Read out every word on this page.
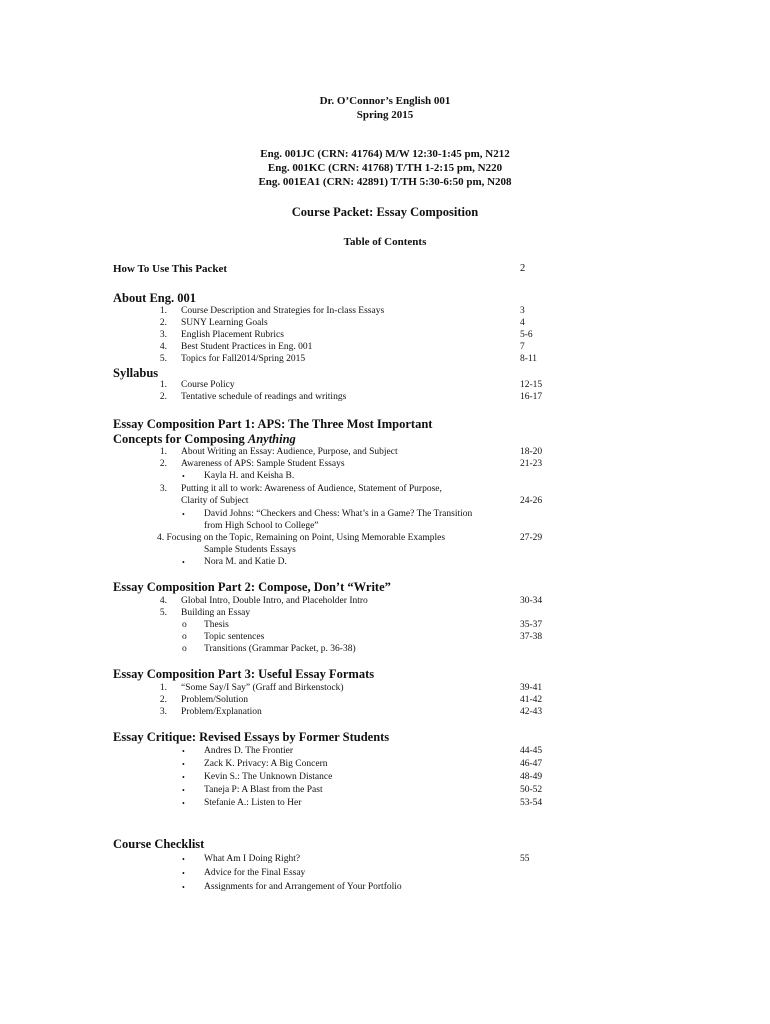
Dr. O’Connor’s English 001
Spring 2015
Eng. 001JC (CRN: 41764) M/W 12:30-1:45 pm, N212
Eng. 001KC (CRN: 41768) T/TH 1-2:15 pm, N220
Eng. 001EA1 (CRN: 42891) T/TH 5:30-6:50 pm, N208
Course Packet: Essay Composition
Table of Contents
How To Use This Packet	2
About Eng. 001
1. Course Description and Strategies for In-class Essays	3
2. SUNY Learning Goals	4
3. English Placement Rubrics	5-6
4. Best Student Practices in Eng. 001	7
5. Topics for Fall2014/Spring 2015	8-11
Syllabus
1. Course Policy	12-15
2. Tentative schedule of readings and writings	16-17
Essay Composition Part 1: APS: The Three Most Important
Concepts for Composing Anything
1. About Writing an Essay: Audience, Purpose, and Subject	18-20
2. Awareness of APS: Sample Student Essays	21-23
• Kayla H. and Keisha B.
3. Putting it all to work: Awareness of Audience, Statement of Purpose,
Clarity of Subject	24-26
• David Johns: “Checkers and Chess: What’s in a Game? The Transition
from High School to College”
4. Focusing on the Topic, Remaining on Point, Using Memorable Examples	27-29
Sample Students Essays
• Nora M. and Katie D.
Essay Composition Part 2: Compose, Don’t “Write”
4. Global Intro, Double Intro, and Placeholder Intro	30-34
5. Building an Essay
o Thesis	35-37
o Topic sentences	37-38
o Transitions (Grammar Packet, p. 36-38)
Essay Composition Part 3: Useful Essay Formats
1. “Some Say/I Say” (Graff and Birkenstock)	39-41
2. Problem/Solution	41-42
3. Problem/Explanation	42-43
Essay Critique: Revised Essays by Former Students
• Andres D. The Frontier	44-45
• Zack K. Privacy: A Big Concern	46-47
• Kevin S.: The Unknown Distance	48-49
• Taneja P: A Blast from the Past	50-52
• Stefanie A.: Listen to Her	53-54
Course Checklist
• What Am I Doing Right?	55
• Advice for the Final Essay
• Assignments for and Arrangement of Your Portfolio
